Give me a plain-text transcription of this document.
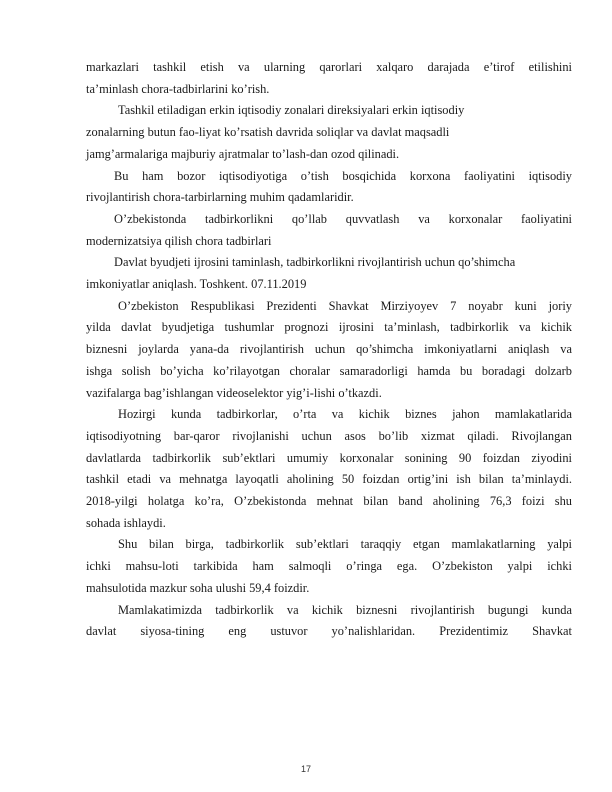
markazlari tashkil etish va ularning qarorlari xalqaro darajada e’tirof etilishini
ta’minlash chora-tadbirlarini ko’rish.

Tashkil etiladigan erkin iqtisodiy zonalari direksiyalari erkin iqtisodiy
zonalarning butun fao-liyat ko’rsatish davrida soliqlar va davlat maqsadli
jamg’armalariga majburiy ajratmalar to’lash-dan ozod qilinadi.

Bu ham bozor iqtisodiyotiga o’tish bosqichida korxona faoliyatini iqtisodiy
rivojlantirish chora-tarbirlarning muhim qadamlaridir.

O’zbekistonda tadbirkorlikni qo’llab quvvatlash va korxonalar faoliyatini
modernizatsiya qilish chora tadbirlari

Davlat byudjeti ijrosini taminlash, tadbirkorlikni rivojlantirish uchun qo’shimcha
imkoniyatlar aniqlash. Toshkent. 07.11.2019

O’zbekiston Respublikasi Prezidenti Shavkat Mirziyoyev 7 noyabr kuni joriy
yilda davlat byudjetiga tushumlar prognozi ijrosini ta’minlash, tadbirkorlik va kichik
biznesni joylarda yana-da rivojlantirish uchun qo’shimcha imkoniyatlarni aniqlash va
ishga solish bo’yicha ko’rilayotgan choralar samaradorligi hamda bu boradagi dolzarb
vazifalarga bag’ishlangan videoselektor yig’i-lishi o’tkazdi.

Hozirgi kunda tadbirkorlar, o’rta va kichik biznes jahon mamlakatlarida
iqtisodiyotning bar-qaror rivojlanishi uchun asos bo’lib xizmat qiladi. Rivojlangan
davlatlarda tadbirkorlik sub’ektlari umumiy korxonalar sonining 90 foizdan ziyodini
tashkil etadi va mehnatga layoqatli aholining 50 foizdan ortig’ini ish bilan ta’minlaydi.
2018-yilgi holatga ko’ra, O’zbekistonda mehnat bilan band aholining 76,3 foizi shu
sohada ishlaydi.

Shu bilan birga, tadbirkorlik sub’ektlari taraqqiy etgan mamlakatlarning yalpi
ichki mahsu-loti tarkibida ham salmoqli o’ringa ega. O’zbekiston yalpi ichki
mahsulotida mazkur soha ulushi 59,4 foizdir.

Mamlakatimizda tadbirkorlik va kichik biznesni rivojlantirish bugungi kunda
davlat siyosa-tining eng ustuvor yo’nalishlaridan. Prezidentimiz Shavkat

17
